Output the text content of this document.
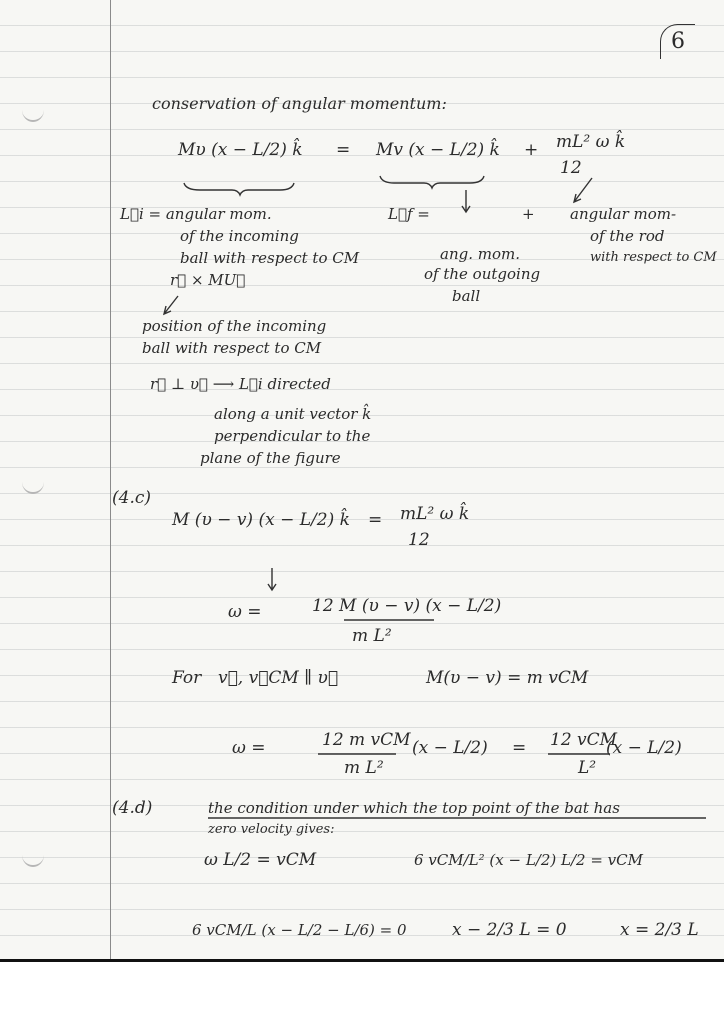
6
conservation of angular momentum:
Mυ (x − L/2) k̂ = Mv (x − L/2) k̂ + mL² ω k̂
12
L⃗i = angular mom.
of the incoming
ball with respect to CM
r⃗ × MU⃗
L⃗f =	+
ang. mom.
of the outgoing
ball
angular mom-
of the rod
with respect to CM
position of the incoming
ball with respect to CM
r⃗ ⊥ υ⃗ ⟶ L⃗i directed
along a unit vector k̂
perpendicular to the
plane of the figure
(4.c)
M (υ − v) (x − L/2) k̂ = mL² ω k̂
12
ω =	12 M (υ − v) (x − L/2)
m L²
For v⃗, v⃗CM ∥ υ⃗	M(υ − v) = m vCM
ω =	12 m vCM
m L²
(x − L/2) = 12 vCM
L²
(x − L/2)
(4.d)	the condition under which the top point of the bat has
zero velocity gives:
ω L/2 = vCM	6 vCM/L² (x − L/2) L/2 = vCM
6 vCM/L (x − L/2 − L/6) = 0	x − 2/3 L = 0	x = 2/3 L
